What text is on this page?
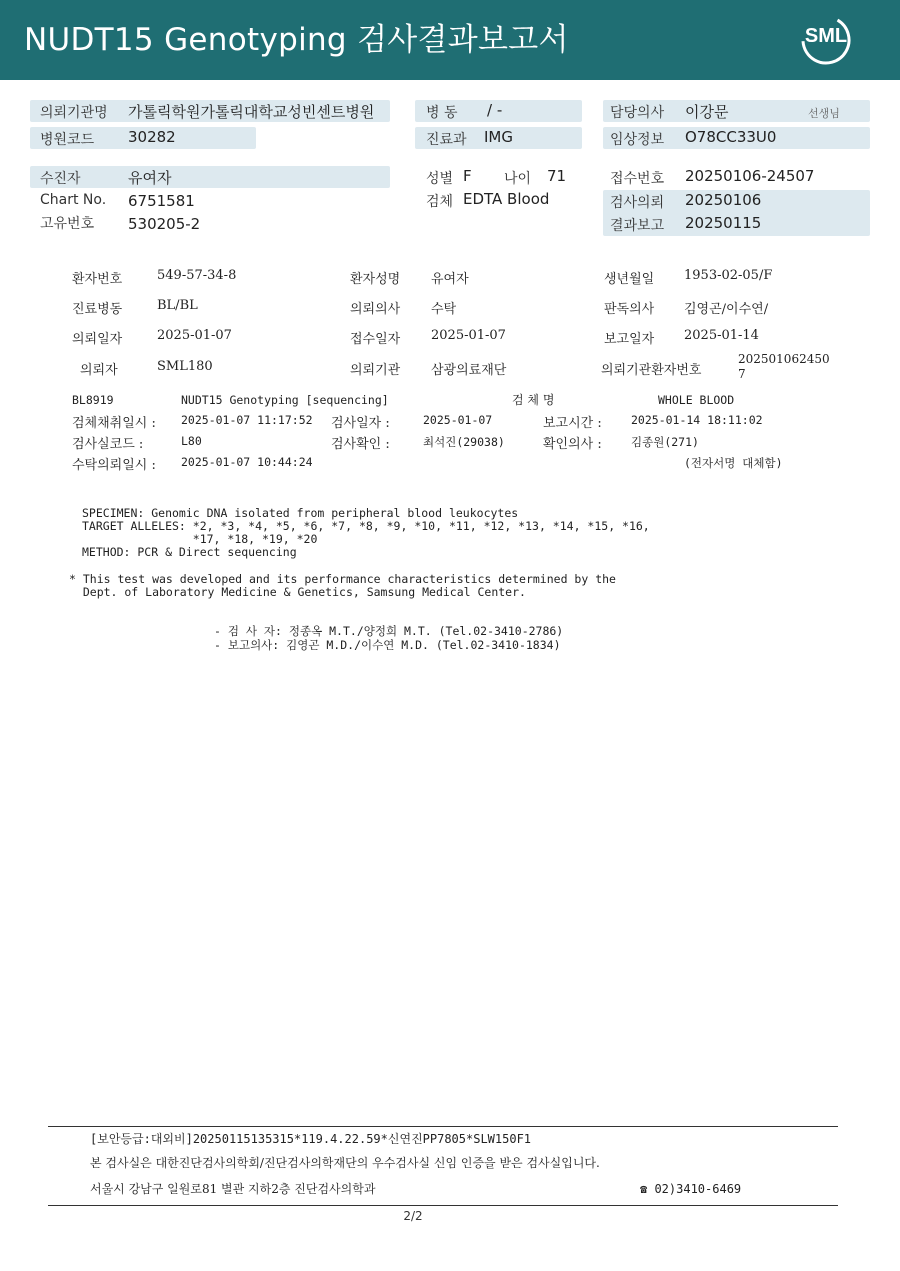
NUDT15 Genotyping 검사결과보고서	SML
의뢰기관명 가톨릭학원가톨릭대학교성빈센트병원
병원코드 30282
병 동 / -
진료과 IMG
담당의사 이강문	선생님
임상정보 O78CC33U0
수진자	유여자
Chart No. 6751581
고유번호 530205-2
성별 F 나이 71
검체 EDTA Blood
접수번호 20250106-24507
검사의뢰 20250106
결과보고 20250115
환자번호	549-57-34-8	환자성명 유여자	생년월일 1953-02-05/F
진료병동	BL/BL	의뢰의사 수탁	판독의사 김영곤/이수연/
의뢰일자	2025-01-07	접수일자 2025-01-07	보고일자 2025-01-14
의뢰자	SML180	의뢰기관 삼광의료재단	의뢰기관환자번호
202501062450
7
BL8919	NUDT15 Genotyping [sequencing]	검 체 명	WHOLE BLOOD
검체채취일시 : 2025-01-07 11:17:52 검사일자 :	2025-01-07	보고시간 :	2025-01-14 18:11:02
검사실코드 :	L80	검사확인 :	최석진(29038)	확인의사 :	김종원(271)
수탁의뢰일시 : 2025-01-07 10:44:24	(전자서명 대체함)
SPECIMEN: Genomic DNA isolated from peripheral blood leukocytes
TARGET ALLELES: *2, *3, *4, *5, *6, *7, *8, *9, *10, *11, *12, *13, *14, *15, *16,
*17, *18, *19, *20
METHOD: PCR & Direct sequencing
* This test was developed and its performance characteristics determined by the
Dept. of Laboratory Medicine & Genetics, Samsung Medical Center.
- 검 사 자: 정종옥 M.T./양정희 M.T. (Tel.02-3410-2786)
- 보고의사: 김영곤 M.D./이수연 M.D. (Tel.02-3410-1834)
[보안등급:대외비]20250115135315*119.4.22.59*신연진PP7805*SLW150F1
본 검사실은 대한진단검사의학회/진단검사의학재단의 우수검사실 신임 인증을 받은 검사실입니다.
서울시 강남구 일원로81 별관 지하2층 진단검사의학과	☎ 02)3410-6469
2/2
